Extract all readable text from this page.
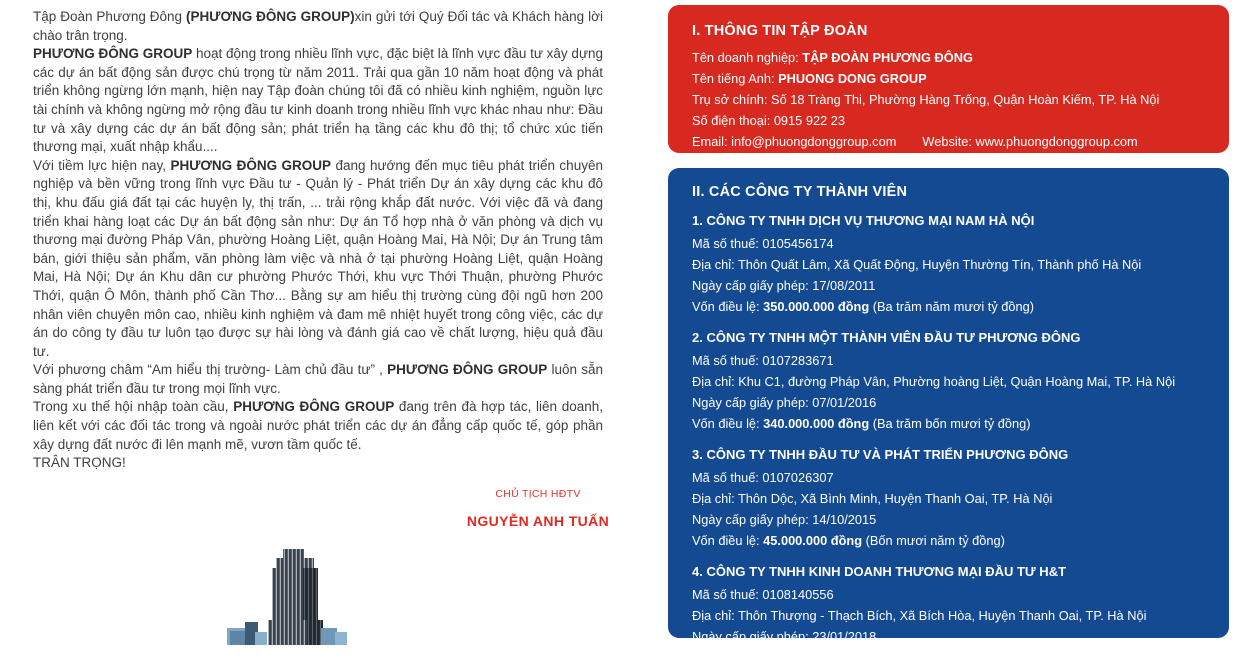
Tập Đoàn Phương Đông (PHƯƠNG ĐÔNG GROUP)xin gửi tới Quý Đối tác và Khách hàng lời chào trân trọng.

PHƯƠNG ĐÔNG GROUP hoạt động trong nhiều lĩnh vực, đặc biệt là lĩnh vực đầu tư xây dựng các dự án bất động sản được chú trọng từ năm 2011. Trải qua gần 10 năm hoạt động và phát triển không ngừng lớn mạnh, hiện nay Tập đoàn chúng tôi đã có nhiều kinh nghiệm, nguồn lực tài chính và không ngừng mở rộng đầu tư kinh doanh trong nhiều lĩnh vực khác nhau như: Đầu tư và xây dựng các dự án bất động sản; phát triển hạ tầng các khu đô thị; tổ chức xúc tiến thương mại, xuất nhập khẩu....

Với tiềm lực hiện nay, PHƯƠNG ĐÔNG GROUP đang hướng đến mục tiêu phát triển chuyên nghiệp và bền vững trong lĩnh vực Đầu tư - Quản lý - Phát triển Dự án xây dựng các khu đô thị, khu đấu giá đất tại các huyện ly, thị trấn, ... trải rộng khắp đất nước. Với việc đã và đang triển khai hàng loạt các Dự án bất động sản như: Dự án Tổ hợp nhà ở văn phòng và dịch vụ thương mại đường Pháp Vân, phường Hoàng Liệt, quận Hoàng Mai, Hà Nội; Dự án Trung tâm bán, giới thiệu sản phẩm, văn phòng làm việc và nhà ở tại phường Hoàng Liệt, quận Hoàng Mai, Hà Nội; Dự án Khu dân cư phường Phước Thới, khu vực Thới Thuận, phường Phước Thới, quận Ô Môn, thành phố Cần Thơ... Bằng sự am hiểu thị trường cùng đội ngũ hơn 200 nhân viên chuyên môn cao, nhiều kinh nghiệm và đam mê nhiệt huyết trong công việc, các dự án do công ty đầu tư luôn tạo được sự hài lòng và đánh giá cao về chất lượng, hiệu quả đầu tư.

Với phương châm “Am hiểu thị trường- Làm chủ đầu tư” , PHƯƠNG ĐÔNG GROUP luôn sẵn sàng phát triển đầu tư trong mọi lĩnh vực.

Trong xu thế hội nhập toàn cầu, PHƯƠNG ĐÔNG GROUP đang trên đà hợp tác, liên doanh, liên kết với các đối tác trong và ngoài nước phát triển các dự án đẳng cấp quốc tế, góp phần xây dựng đất nước đi lên mạnh mẽ, vươn tầm quốc tế.

TRÂN TRỌNG!

CHỦ TỊCH HĐTV
NGUYỄN ANH TUẤN
I. THÔNG TIN TẬP ĐOÀN
Tên doanh nghiệp: TẬP ĐOÀN PHƯƠNG ĐÔNG
Tên tiếng Anh: PHUONG DONG GROUP
Trụ sở chính: Số 18 Tràng Thi, Phường Hàng Trống, Quận Hoàn Kiếm, TP. Hà Nội
Số điện thoại: 0915 922 23
Email: info@phuongdonggroup.com Website: www.phuongdonggroup.com
II. CÁC CÔNG TY THÀNH VIÊN
1. CÔNG TY TNHH DỊCH VỤ THƯƠNG MẠI NAM HÀ NỘI
Mã số thuế: 0105456174
Địa chỉ: Thôn Quất Lâm, Xã Quất Động, Huyện Thường Tín, Thành phố Hà Nội
Ngày cấp giấy phép: 17/08/2011
Vốn điều lệ: 350.000.000 đồng (Ba trăm năm mươi tỷ đồng)
2. CÔNG TY TNHH MỘT THÀNH VIÊN ĐẦU TƯ PHƯƠNG ĐÔNG
Mã số thuế: 0107283671
Địa chỉ: Khu C1, đường Pháp Vân, Phường hoàng Liệt, Quận Hoàng Mai, TP. Hà Nội
Ngày cấp giấy phép: 07/01/2016
Vốn điều lệ: 340.000.000 đồng (Ba trăm bốn mươi tỷ đồng)
3. CÔNG TY TNHH ĐẦU TƯ VÀ PHÁT TRIỂN PHƯƠNG ĐÔNG
Mã số thuế: 0107026307
Địa chỉ: Thôn Dộc, Xã Bình Minh, Huyện Thanh Oai, TP. Hà Nội
Ngày cấp giấy phép: 14/10/2015
Vốn điều lệ: 45.000.000 đồng (Bốn mươi năm tỷ đồng)
4. CÔNG TY TNHH KINH DOANH THƯƠNG MẠI ĐẦU TƯ H&T
Mã số thuế: 0108140556
Địa chỉ: Thôn Thượng - Thạch Bích, Xã Bích Hòa, Huyện Thanh Oai, TP. Hà Nội
Ngày cấp giấy phép: 23/01/2018
Vốn điều lệ: 20.000.000 đồng (Hai mươi tỷ đồng)
